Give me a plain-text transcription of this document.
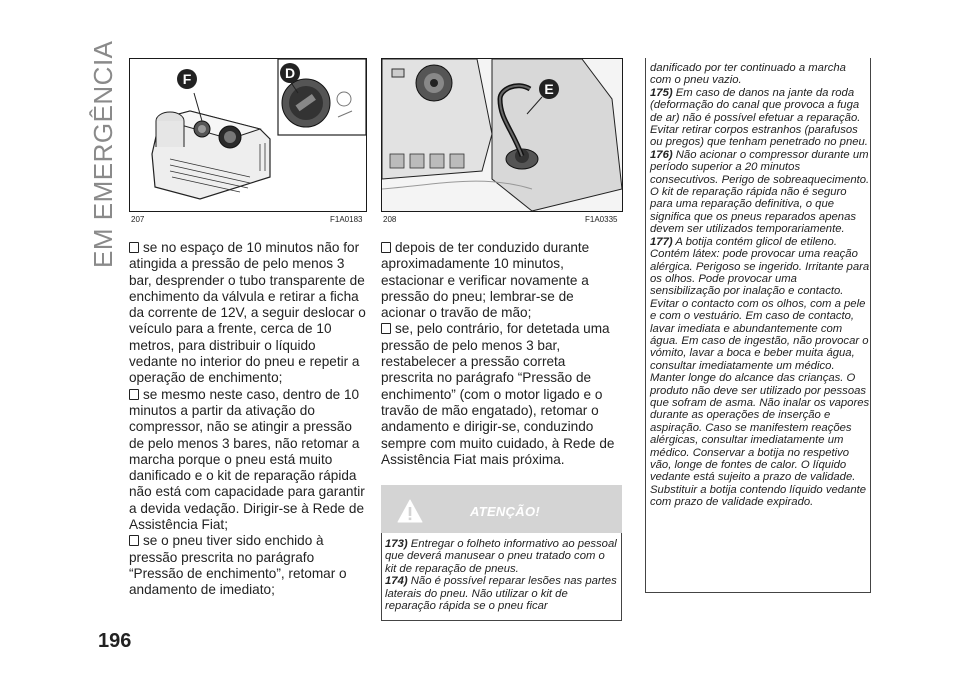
EM EMERGÊNCIA	F	D
207	F1A0183
E
208	F1A0335

se no espaço de 10 minutos não for atingida a pressão de pelo menos 3 bar, desprender o tubo transparente de enchimento da válvula e retirar a ficha da corrente de 12V, a seguir deslocar o veículo para a frente, cerca de 10 metros, para distribuir o líquido vedante no interior do pneu e repetir a operação de enchimento;

se mesmo neste caso, dentro de 10 minutos a partir da ativação do compressor, não se atingir a pressão de pelo menos 3 bares, não retomar a marcha porque o pneu está muito danificado e o kit de reparação rápida não está com capacidade para garantir a devida vedação. Dirigir-se à Rede de Assistência Fiat;

se o pneu tiver sido enchido à pressão prescrita no parágrafo “Pressão de enchimento”, retomar o andamento de imediato;

depois de ter conduzido durante aproximadamente 10 minutos, estacionar e verificar novamente a pressão do pneu; lembrar-se de acionar o travão de mão;

se, pelo contrário, for detetada uma pressão de pelo menos 3 bar, restabelecer a pressão correta prescrita no parágrafo “Pressão de enchimento” (com o motor ligado e o travão de mão engatado), retomar o andamento e dirigir-se, conduzindo sempre com muito cuidado, à Rede de Assistência Fiat mais próxima.

ATENÇÃO!

173) Entregar o folheto informativo ao pessoal que deverá manusear o pneu tratado com o kit de reparação de pneus.

174) Não é possível reparar lesões nas partes laterais do pneu. Não utilizar o kit de reparação rápida se o pneu ficar

danificado por ter continuado a marcha com o pneu vazio.

175) Em caso de danos na jante da roda (deformação do canal que provoca a fuga de ar) não é possível efetuar a reparação. Evitar retirar corpos estranhos (parafusos ou pregos) que tenham penetrado no pneu.

176) Não acionar o compressor durante um período superior a 20 minutos consecutivos. Perigo de sobreaquecimento. O kit de reparação rápida não é seguro para uma reparação definitiva, o que significa que os pneus reparados apenas devem ser utilizados temporariamente.

177) A botija contém glicol de etileno. Contém látex: pode provocar uma reação alérgica. Perigoso se ingerido. Irritante para os olhos. Pode provocar uma sensibilização por inalação e contacto. Evitar o contacto com os olhos, com a pele e com o vestuário. Em caso de contacto, lavar imediata e abundantemente com água. Em caso de ingestão, não provocar o vómito, lavar a boca e beber muita água, consultar imediatamente um médico. Manter longe do alcance das crianças. O produto não deve ser utilizado por pessoas que sofram de asma. Não inalar os vapores durante as operações de inserção e aspiração. Caso se manifestem reações alérgicas, consultar imediatamente um médico. Conservar a botija no respetivo vão, longe de fontes de calor. O líquido vedante está sujeito a prazo de validade. Substituir a botija contendo líquido vedante com prazo de validade expirado.

196
